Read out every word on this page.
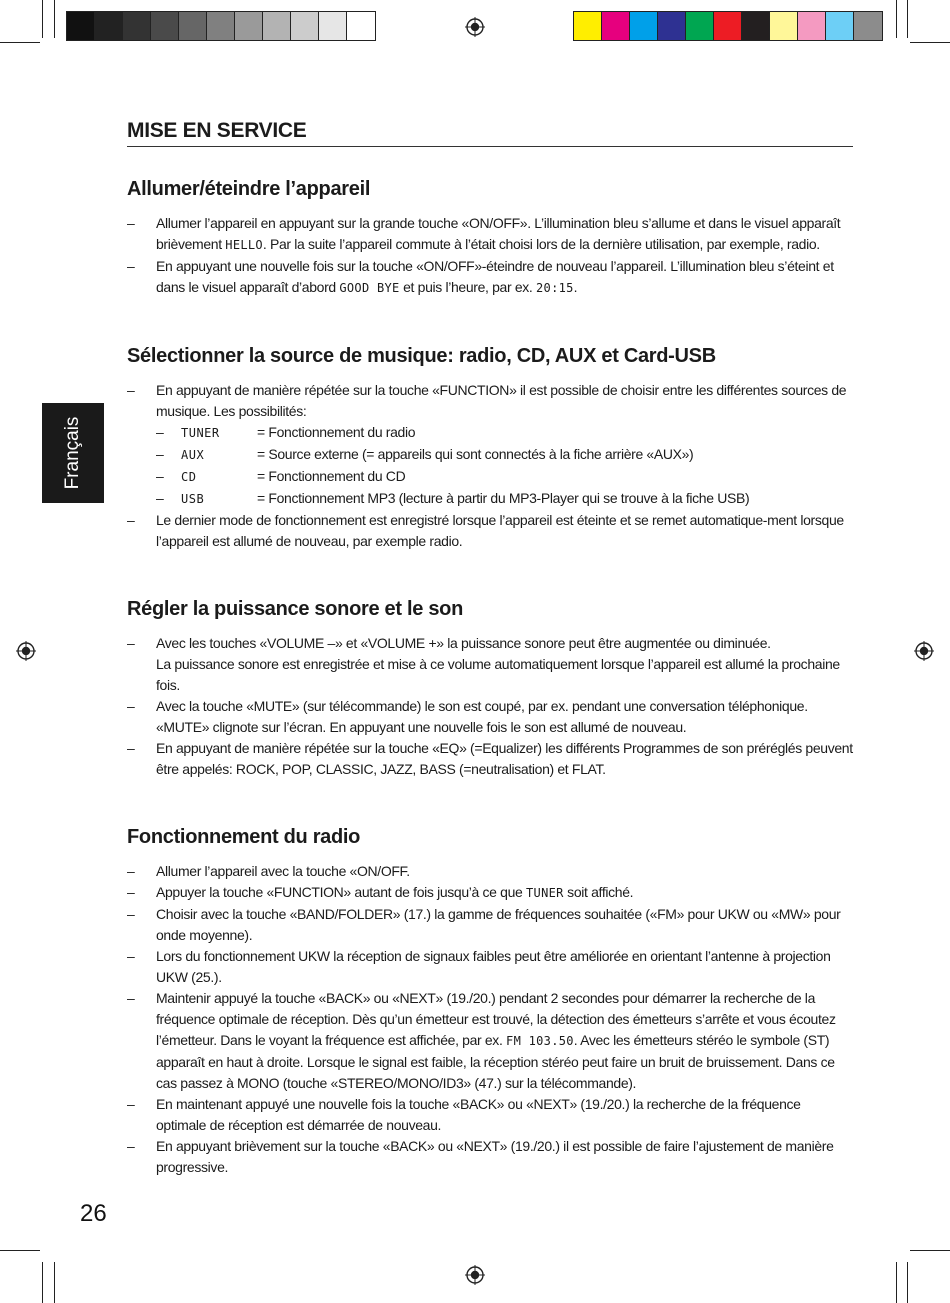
Français
26
MISE EN SERVICE
Allumer/éteindre l’appareil
– Allumer l’appareil en appuyant sur la grande touche «ON/OFF». L’illumination bleu s’allume et dans le visuel apparaît brièvement HELLO. Par la suite l’appareil commute à l’était choisi lors de la dernière utilisation, par exemple, radio.
– En appuyant une nouvelle fois sur la touche «ON/OFF»-éteindre de nouveau l’appareil. L’illumination bleu s’éteint et dans le visuel apparaît d’abord GOOD BYE et puis l’heure, par ex. 20:15.
Sélectionner la source de musique: radio, CD, AUX et Card-USB
– En appuyant de manière répétée sur la touche «FUNCTION» il est possible de choisir entre les différentes sources de musique. Les possibilités:
– TUNER	= Fonctionnement du radio
– AUX	= Source externe (= appareils qui sont connectés à la fiche arrière «AUX»)
– CD	= Fonctionnement du CD
– USB	= Fonctionnement MP3 (lecture à partir du MP3-Player qui se trouve à la fiche USB)
– Le dernier mode de fonctionnement est enregistré lorsque l’appareil est éteinte et se remet automatique-ment lorsque l’appareil est allumé de nouveau, par exemple radio.
Régler la puissance sonore et le son
– Avec les touches «VOLUME –» et «VOLUME +» la puissance sonore peut être augmentée ou diminuée.
La puissance sonore est enregistrée et mise à ce volume automatiquement lorsque l’appareil est allumé la prochaine fois.
– Avec la touche «MUTE» (sur télécommande) le son est coupé, par ex. pendant une conversation téléphonique. «MUTE» clignote sur l’écran. En appuyant une nouvelle fois le son est allumé de nouveau.
– En appuyant de manière répétée sur la touche «EQ» (=Equalizer) les différents Programmes de son préréglés peuvent être appelés: ROCK, POP, CLASSIC, JAZZ, BASS (=neutralisation) et FLAT.
Fonctionnement du radio
– Allumer l’appareil avec la touche «ON/OFF.
– Appuyer la touche «FUNCTION» autant de fois jusqu’à ce que TUNER soit affiché.
– Choisir avec la touche «BAND/FOLDER» (17.) la gamme de fréquences souhaitée («FM» pour UKW ou «MW» pour onde moyenne).
– Lors du fonctionnement UKW la réception de signaux faibles peut être améliorée en orientant l’antenne à projection UKW (25.).
– Maintenir appuyé la touche «BACK» ou «NEXT» (19./20.) pendant 2 secondes pour démarrer la recherche de la fréquence optimale de réception. Dès qu’un émetteur est trouvé, la détection des émetteurs s’arrête et vous écoutez l’émetteur. Dans le voyant la fréquence est affichée, par ex. FM 103.50. Avec les émetteurs stéréo le symbole (ST) apparaît en haut à droite. Lorsque le signal est faible, la réception stéréo peut faire un bruit de bruissement. Dans ce cas passez à MONO (touche «STEREO/MONO/ID3» (47.) sur la télécommande).
– En maintenant appuyé une nouvelle fois la touche «BACK» ou «NEXT» (19./20.) la recherche de la fréquence optimale de réception est démarrée de nouveau.
– En appuyant brièvement sur la touche «BACK» ou «NEXT» (19./20.) il est possible de faire l’ajustement de manière progressive.
